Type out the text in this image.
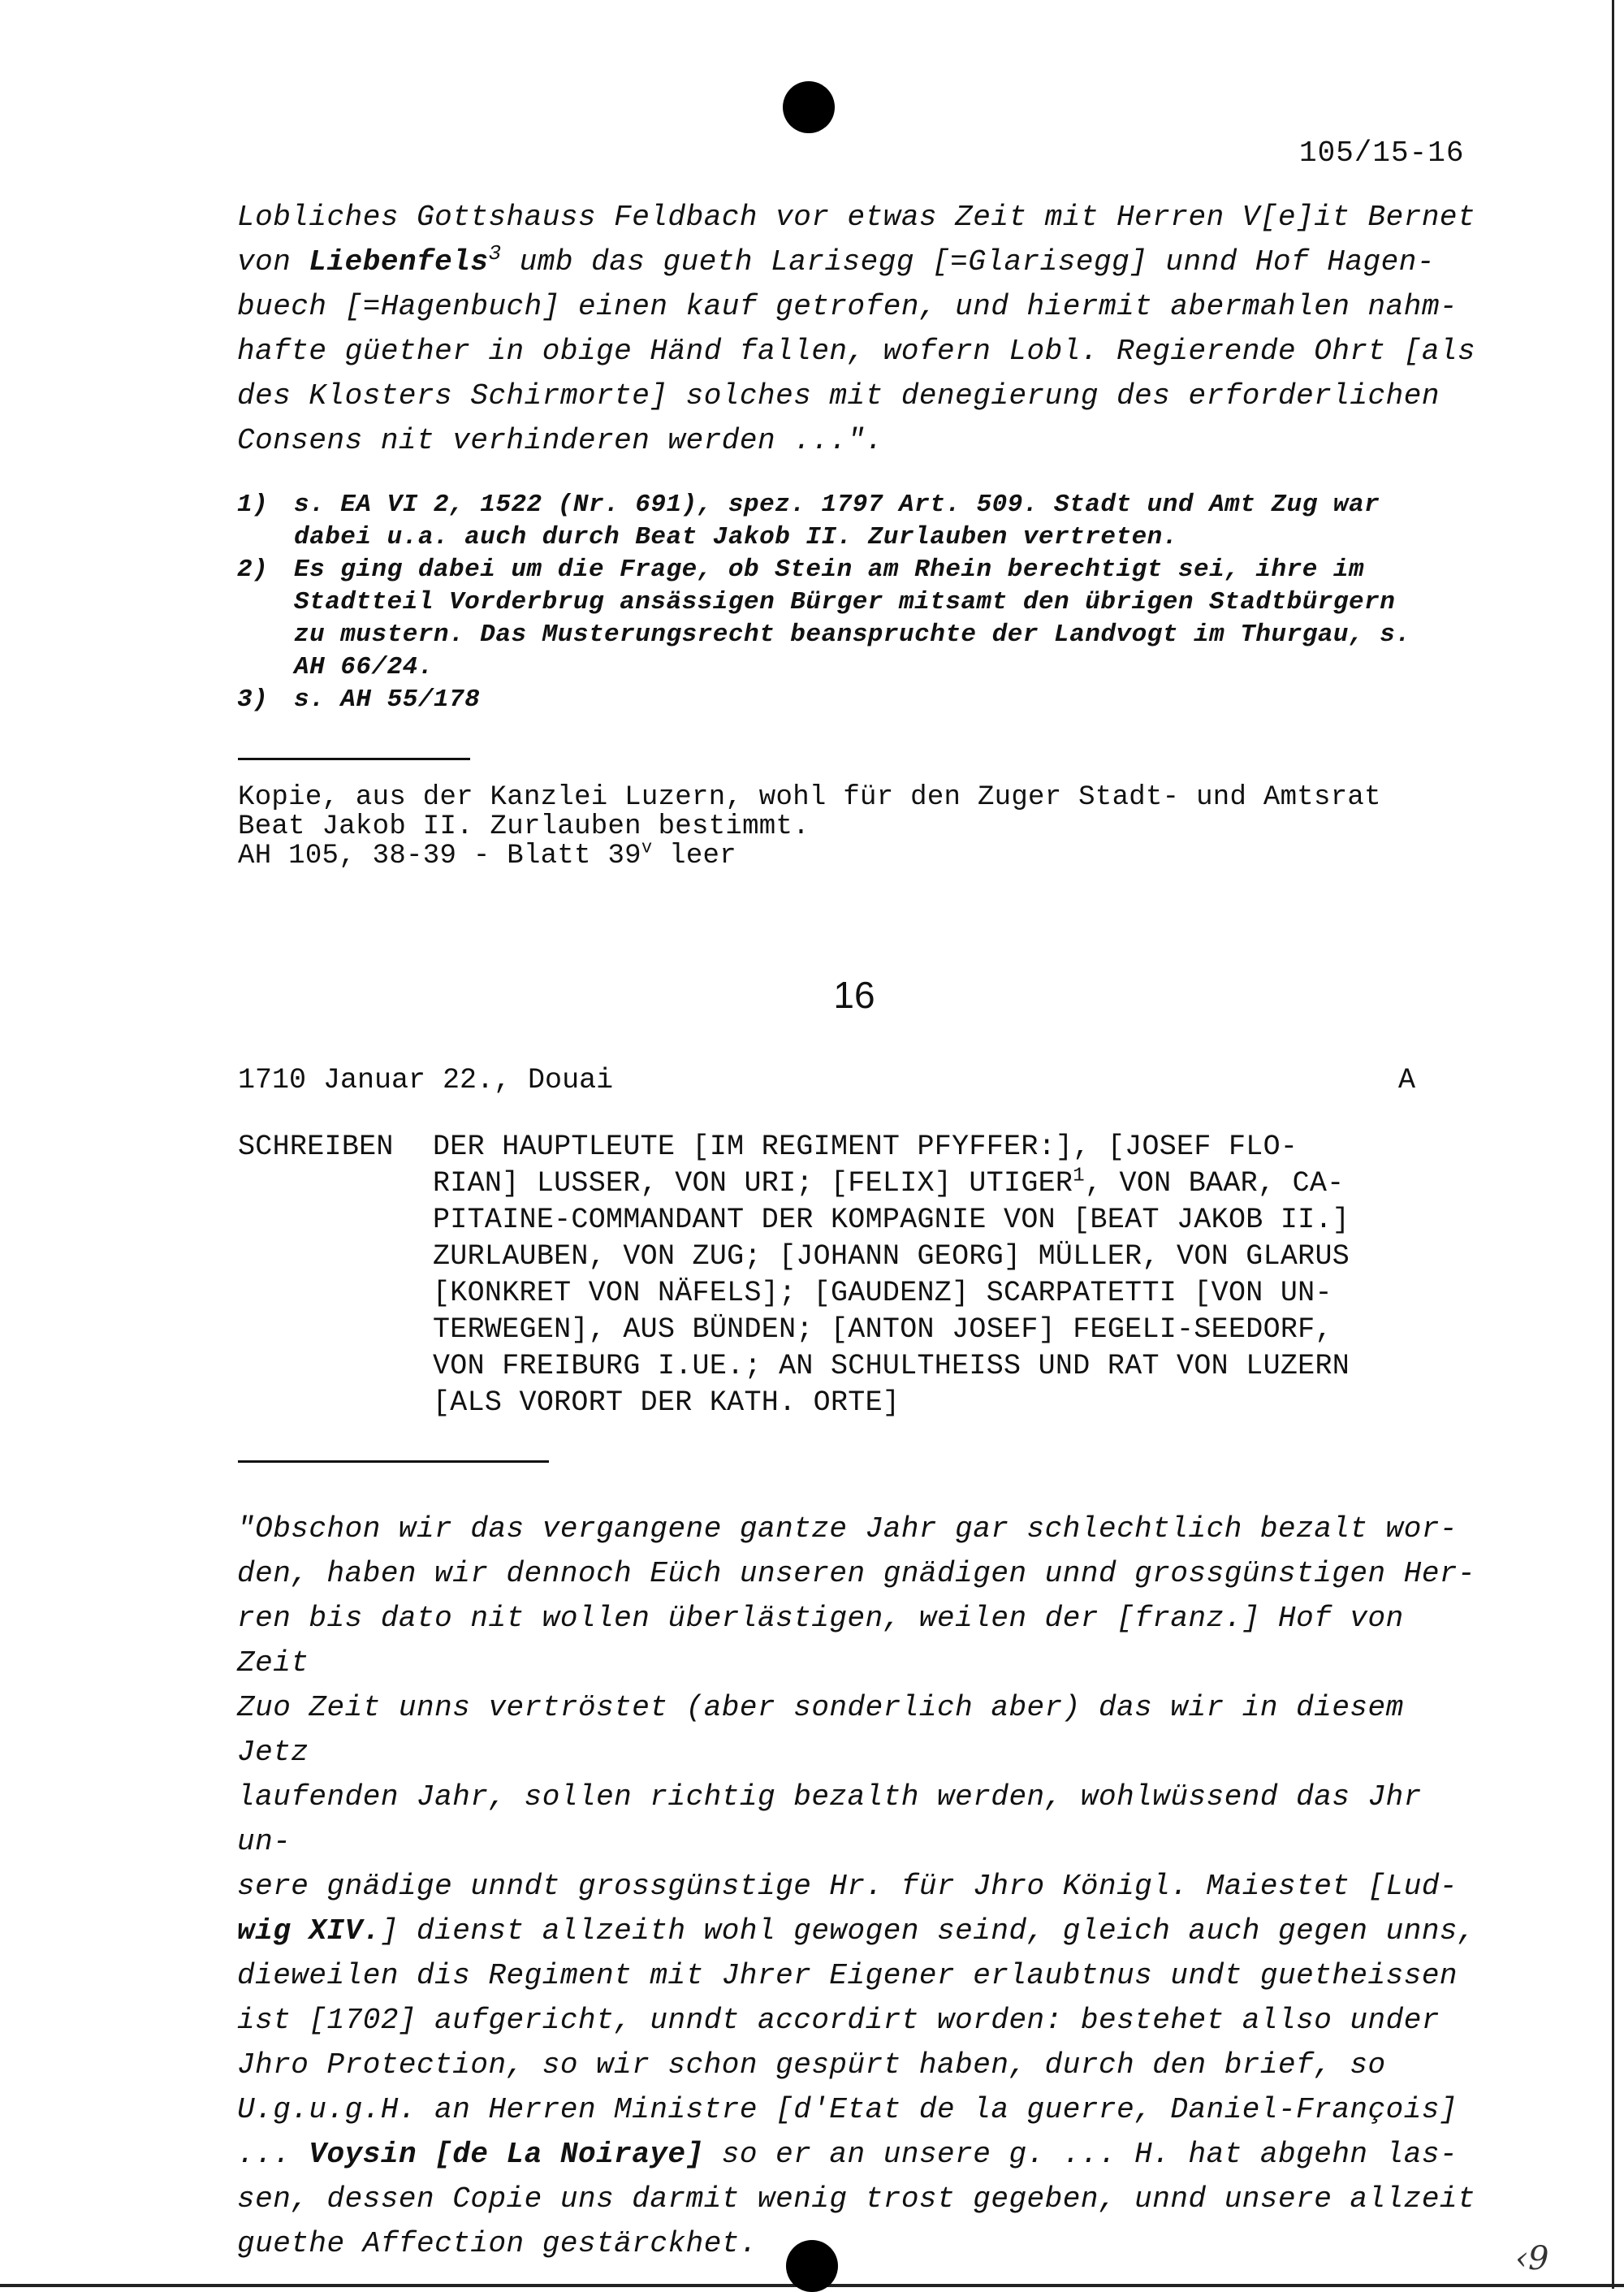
105/15-16
Lobliches Gottshauss Feldbach vor etwas Zeit mit Herren V[e]it Bernet
von Liebenfels$^3$ umb das gueth Larisegg [=Glarisegg] unnd Hof Hagen-
buech [=Hagenbuch] einen kauf getrofen, und hiermit abermahlen nahm-
hafte güether in obige Händ fallen, wofern Lobl. Regierende Ohrt [als
des Klosters Schirmorte] solches mit denegierung des erforderlichen
Consens nit verhinderen werden ...".
1)	s. EA VI 2, 1522 (Nr. 691), spez. 1797 Art. 509. Stadt und Amt Zug war
dabei u.a. auch durch Beat Jakob II. Zurlauben vertreten.
2)	Es ging dabei um die Frage, ob Stein am Rhein berechtigt sei, ihre im
Stadtteil Vorderbrug ansässigen Bürger mitsamt den übrigen Stadtbürgern
zu mustern. Das Musterungsrecht beanspruchte der Landvogt im Thurgau, s.
AH 66/24.
3)	s. AH 55/178
Kopie, aus der Kanzlei Luzern, wohl für den Zuger Stadt- und Amtsrat
Beat Jakob II. Zurlauben bestimmt.
AH 105, 38-39 - Blatt 39$^v$ leer
16
1710 Januar 22., Douai	A
SCHREIBEN	DER HAUPTLEUTE [IM REGIMENT PFYFFER:], [JOSEF FLO-
RIAN] LUSSER, VON URI; [FELIX] UTIGER$^1$, VON BAAR, CA-
PITAINE-COMMANDANT DER KOMPAGNIE VON [BEAT JAKOB II.]
ZURLAUBEN, VON ZUG; [JOHANN GEORG] MÜLLER, VON GLARUS
[KONKRET VON NÄFELS]; [GAUDENZ] SCARPATETTI [VON UN-
TERWEGEN], AUS BÜNDEN; [ANTON JOSEF] FEGELI-SEEDORF,
VON FREIBURG I.UE.; AN SCHULTHEISS UND RAT VON LUZERN
[ALS VORORT DER KATH. ORTE]
"Obschon wir das vergangene gantze Jahr gar schlechtlich bezalt wor-
den, haben wir dennoch Eüch unseren gnädigen unnd grossgünstigen Her-
ren bis dato nit wollen überlästigen, weilen der [franz.] Hof von Zeit
Zuo Zeit unns vertröstet (aber sonderlich aber) das wir in diesem Jetz
laufenden Jahr, sollen richtig bezalth werden, wohlwüssend das Jhr un-
sere gnädige unndt grossgünstige Hr. für Jhro Königl. Maiestet [Lud-
wig XIV.] dienst allzeith wohl gewogen seind, gleich auch gegen unns,
dieweilen dis Regiment mit Jhrer Eigener erlaubtnus undt guetheissen
ist [1702] aufgericht, unndt accordirt worden: bestehet allso under
Jhro Protection, so wir schon gespürt haben, durch den brief, so
U.g.u.g.H. an Herren Ministre [d'Etat de la guerre, Daniel-François]
... Voysin [de La Noiraye] so er an unsere g. ... H. hat abgehn las-
sen, dessen Copie uns darmit wenig trost gegeben, unnd unsere allzeit
guethe Affection gestärckhet.	‹9
